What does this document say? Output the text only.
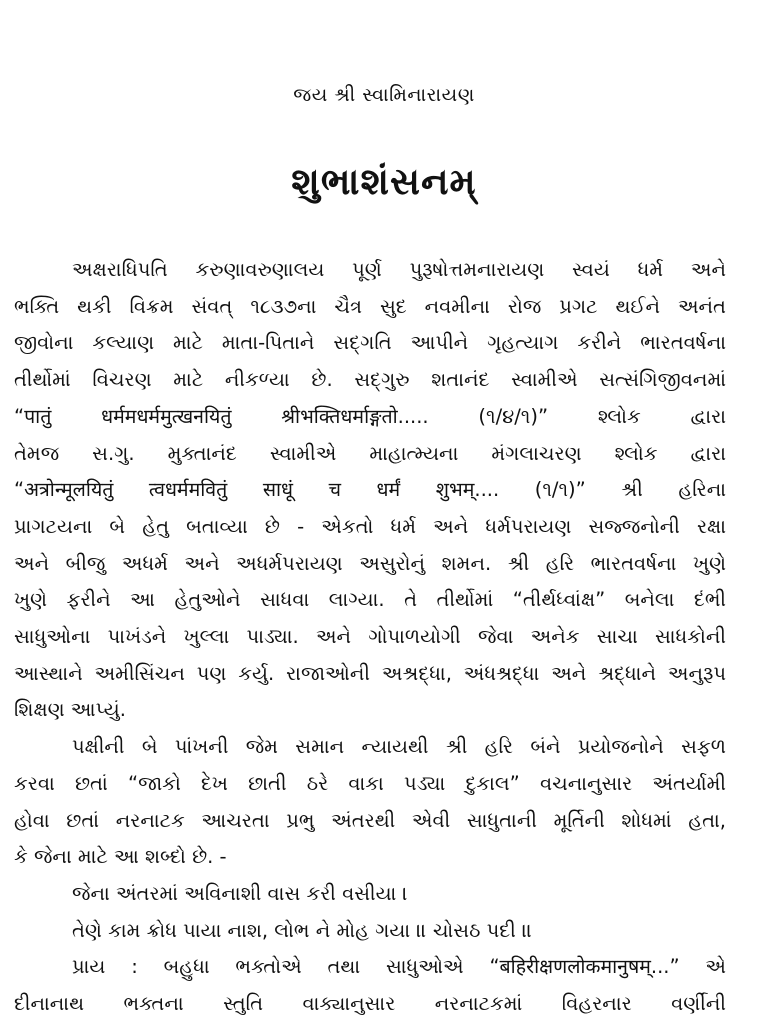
જય શ્રી સ્વામિનારાયણ
શુભાશંસનમ્
અક્ષરાધિપતિ કરુણાવરુણાલય પૂર્ણ પુરૂષોત્તમનારાયણ સ્વયં ધર્મ અને
ભક્તિ થકી વિક્રમ સંવત્ ૧૮૩૭ના ચૈત્ર સુદ નવમીના રોજ પ્રગટ થઈને અનંત
જીવોના કલ્યાણ માટે માતા-પિતાને સદ્ગતિ આપીને ગૃહત્યાગ કરીને ભારતવર્ષના
તીર્થોમાં વિચરણ માટે નીકળ્યા છે. સદ્ગુરુ શતાનંદ સ્વામીએ સત્સંગિજીવનમાં
“पातुं धर्ममधर्ममुत्खनयितुं श्रीभक्तिधर्माङ्गतो..... (૧/૪/૧)” શ્લોક દ્વારા
તેમજ સ.ગુ. મુક્તાનંદ સ્વામીએ માહાત્મ્યના મંગલાચરણ શ્લોક દ્વારા
“अत्रोन्मूलयितुं त्वधर्ममवितुं साधूं च धर्मं शुभम्.... (૧/૧)” શ્રી હરિના
પ્રાગટયના બે હેતુ બતાવ્યા છે - એકતો ધર્મ અને ધર્મપરાયણ સજ્જનોની રક્ષા
અને બીજુ અધર્મ અને અધર્મપરાયણ અસુરોનું શમન. શ્રી હરિ ભારતવર્ષના ખુણે
ખુણે ફરીને આ હેતુઓને સાધવા લાગ્યા. તે તીર્થોમાં “તીર્થધ્વાંક્ષ” બનેલા દંભી
સાધુઓના પાખંડને ખુલ્લા પાડ્યા. અને ગોપાળયોગી જેવા અનેક સાચા સાધકોની
આસ્થાને અમીસિંચન પણ કર્યુ. રાજાઓની અશ્રદ્ધા, અંધશ્રદ્ધા અને શ્રદ્ધાને અનુરૂપ
શિક્ષણ આપ્યું.
પક્ષીની બે પાંખની જેમ સમાન ન્યાયથી શ્રી હરિ બંને પ્રયોજનોને સફળ
કરવા છતાં “જાકો દેખ છાતી ઠરે વાકા પડ્યા દુકાલ” વચનાનુસાર અંતર્યામી
હોવા છતાં નરનાટક આચરતા પ્રભુ અંતરથી એવી સાધુતાની મૂર્તિની શોધમાં હતા,
કે જેના માટે આ શબ્દો છે. -
જેના અંતરમાં અવિનાશી વાસ કરી વસીયા ।
તેણે કામ ક્રોધ પાયા નાશ, લોભ ને મોહ ગયા ॥ ચોસઠ પદી ॥
પ્રાય : બહુધા ભક્તોએ તથા સાધુઓએ “बहिरीक्षणलोकमानुषम्...” એ
દીનાનાથ ભક્તના સ્તુતિ વાક્યાનુસાર નરનાટકમાં વિહરનાર વર્ણીની
